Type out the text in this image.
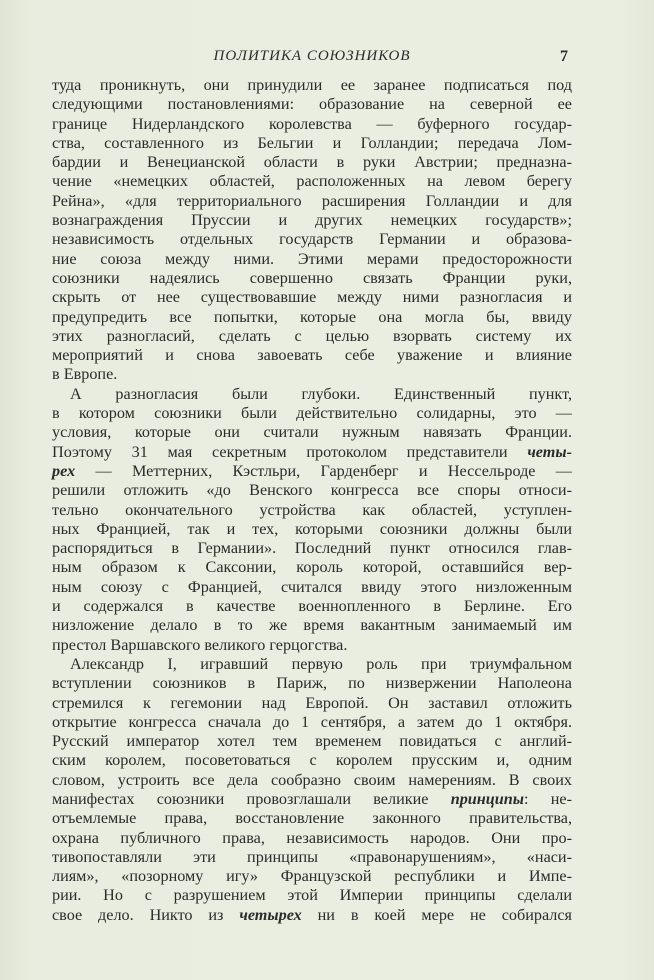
ПОЛИТИКА СОЮЗНИКОВ	7
туда проникнуть, они принудили ее заранее подписаться под
следующими постановлениями: образование на северной ее
границе Нидерландского королевства — буферного государ-
ства, составленного из Бельгии и Голландии; передача Лом-
бардии и Венецианской области в руки Австрии; предназна-
чение «немецких областей, расположенных на левом берегу
Рейна», «для территориального расширения Голландии и для
вознаграждения Пруссии и других немецких государств»;
независимость отдельных государств Германии и образова-
ние союза между ними. Этими мерами предосторожности
союзники надеялись совершенно связать Франции руки,
скрыть от нее существовавшие между ними разногласия и
предупредить все попытки, которые она могла бы, ввиду
этих разногласий, сделать с целью взорвать систему их
мероприятий и снова завоевать себе уважение и влияние
в Европе.
А разногласия были глубоки. Единственный пункт,
в котором союзники были действительно солидарны, это —
условия, которые они считали нужным навязать Франции.
Поэтому 31 мая секретным протоколом представители четы-
рех — Меттерних, Кэстльри, Гарденберг и Нессельроде —
решили отложить «до Венского конгресса все споры относи-
тельно окончательного устройства как областей, уступлен-
ных Францией, так и тех, которыми союзники должны были
распорядиться в Германии». Последний пункт относился глав-
ным образом к Саксонии, король которой, оставшийся вер-
ным союзу с Францией, считался ввиду этого низложенным
и содержался в качестве военнопленного в Берлине. Его
низложение делало в то же время вакантным занимаемый им
престол Варшавского великого герцогства.
Александр I, игравший первую роль при триумфальном
вступлении союзников в Париж, по низвержении Наполеона
стремился к гегемонии над Европой. Он заставил отложить
открытие конгресса сначала до 1 сентября, а затем до 1 октября.
Русский император хотел тем временем повидаться с англий-
ским королем, посоветоваться с королем прусским и, одним
словом, устроить все дела сообразно своим намерениям. В своих
манифестах союзники провозглашали великие принципы: не-
отъемлемые права, восстановление законного правительства,
охрана публичного права, независимость народов. Они про-
тивопоставляли эти принципы «правонарушениям», «наси-
лиям», «позорному игу» Французской республики и Импе-
рии. Но с разрушением этой Империи принципы сделали
свое дело. Никто из четырех ни в коей мере не собирался
